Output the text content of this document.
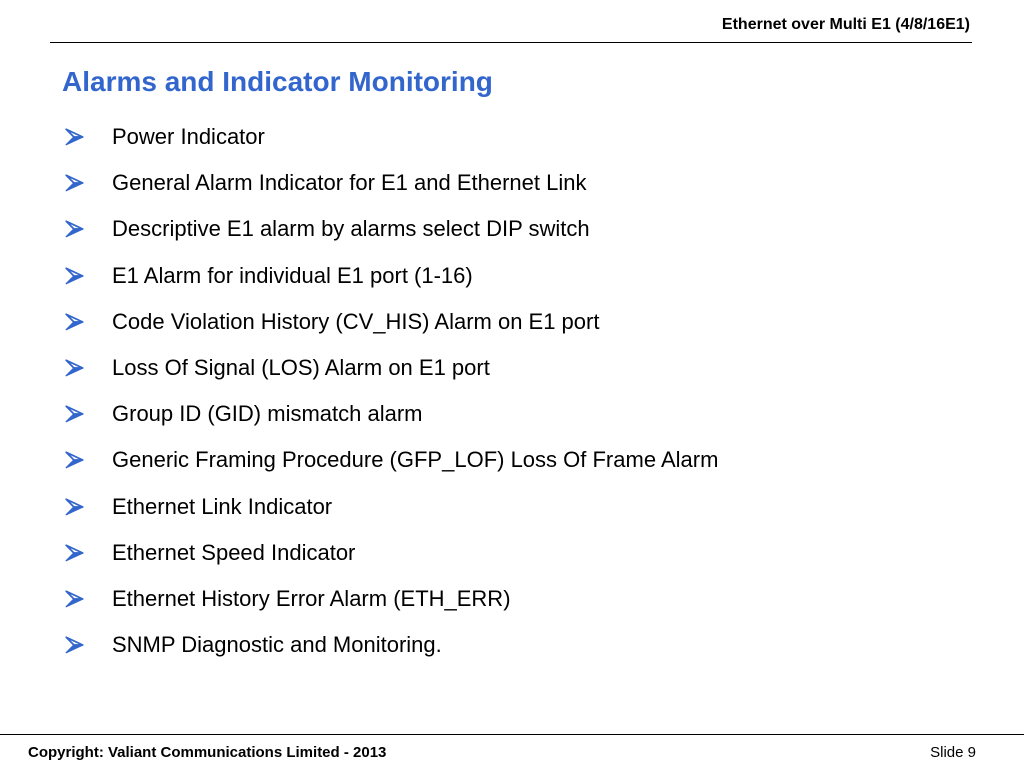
Ethernet over Multi E1 (4/8/16E1)
Alarms and Indicator Monitoring
Power Indicator
General Alarm Indicator for E1 and Ethernet Link
Descriptive E1 alarm by alarms select DIP switch
E1 Alarm for individual E1 port (1-16)
Code Violation History (CV_HIS) Alarm on E1 port
Loss Of Signal (LOS) Alarm on E1 port
Group ID (GID) mismatch alarm
Generic Framing Procedure (GFP_LOF) Loss Of Frame Alarm
Ethernet Link Indicator
Ethernet Speed Indicator
Ethernet History Error Alarm (ETH_ERR)
SNMP Diagnostic and Monitoring.
Copyright: Valiant Communications Limited - 2013	Slide 9
